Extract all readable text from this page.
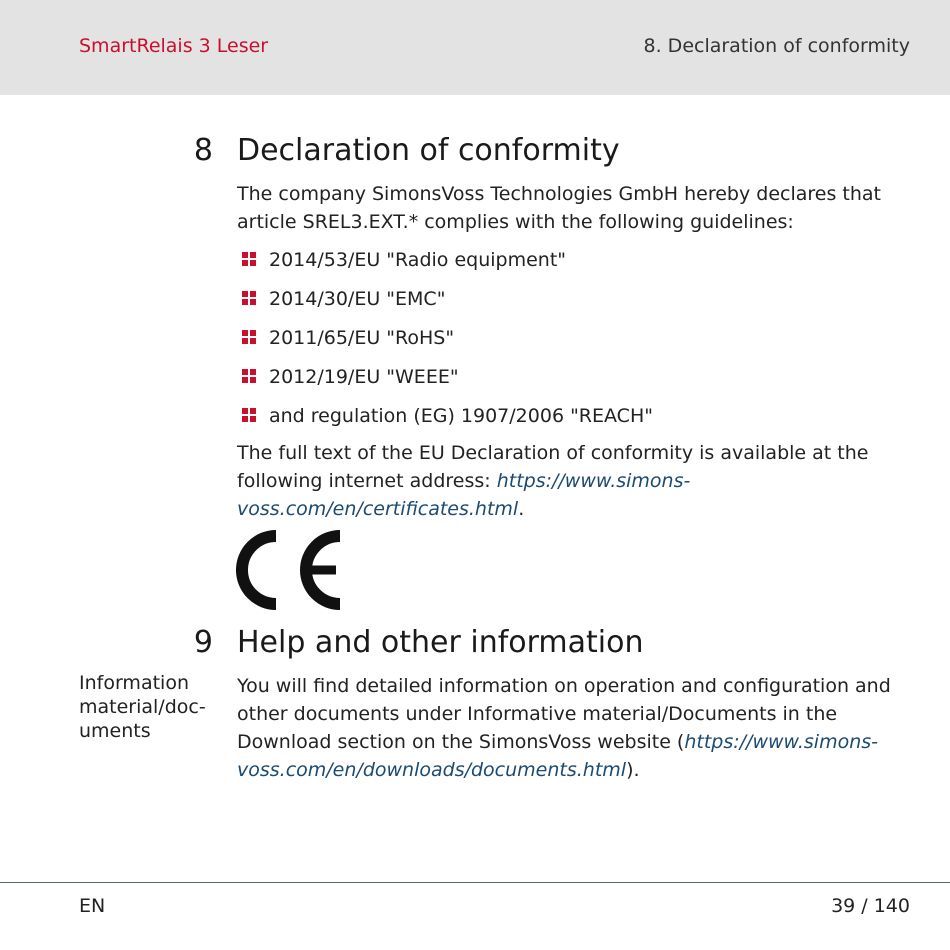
SmartRelais 3 Leser	8. Declaration of conformity
8 Declaration of conformity
The company SimonsVoss Technologies GmbH hereby declares that article SREL3.EXT.* complies with the following guidelines:
2014/53/EU "Radio equipment"
2014/30/EU "EMC"
2011/65/EU "RoHS"
2012/19/EU "WEEE"
and regulation (EG) 1907/2006 "REACH"
The full text of the EU Declaration of conformity is available at the following internet address: https://www.simons-voss.com/en/certificates.html.
9 Help and other information
Information material/documents
You will find detailed information on operation and configuration and other documents under Informative material/Documents in the Download section on the SimonsVoss website (https://www.simons-voss.com/en/downloads/documents.html).
EN	39 / 140
